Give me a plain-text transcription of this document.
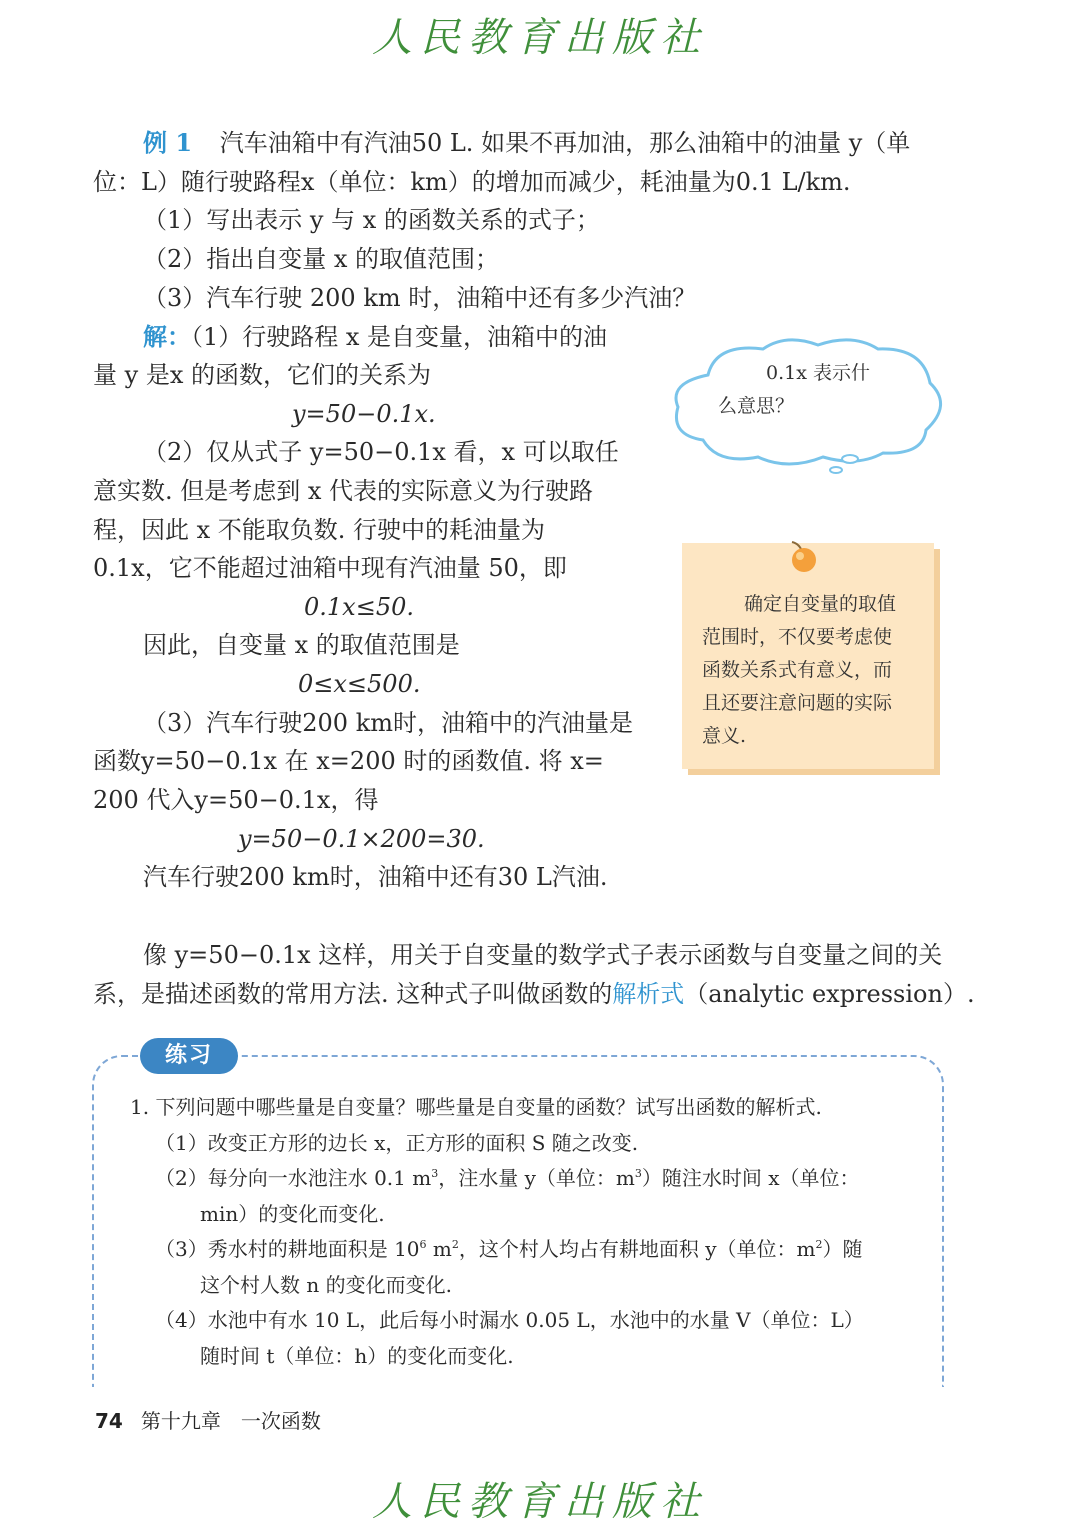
人民教育出版社
例 1 汽车油箱中有汽油50 L. 如果不再加油，那么油箱中的油量 y（单
位：L）随行驶路程x（单位：km）的增加而减少，耗油量为0.1 L/km.
（1）写出表示 y 与 x 的函数关系的式子；
（2）指出自变量 x 的取值范围；
（3）汽车行驶 200 km 时，油箱中还有多少汽油？
解：（1）行驶路程 x 是自变量，油箱中的油
量 y 是x 的函数，它们的关系为
y=50−0.1x.
（2）仅从式子 y=50−0.1x 看，x 可以取任
意实数. 但是考虑到 x 代表的实际意义为行驶路
程，因此 x 不能取负数. 行驶中的耗油量为
0.1x，它不能超过油箱中现有汽油量 50，即
0.1x≤50.
因此，自变量 x 的取值范围是
0≤x≤500.
（3）汽车行驶200 km时，油箱中的汽油量是
函数y=50−0.1x 在 x=200 时的函数值. 将 x=
200 代入y=50−0.1x，得
y=50−0.1×200=30.
汽车行驶200 km时，油箱中还有30 L汽油.
0.1x 表示什
么意思？
确定自变量的取值
范围时，不仅要考虑使
函数关系式有意义，而
且还要注意问题的实际
意义.
像 y=50−0.1x 这样，用关于自变量的数学式子表示函数与自变量之间的关
系，是描述函数的常用方法. 这种式子叫做函数的解析式（analytic expression）.
练习
1. 下列问题中哪些量是自变量？哪些量是自变量的函数？试写出函数的解析式.
（1）改变正方形的边长 x，正方形的面积 S 随之改变.
（2）每分向一水池注水 0.1 $m^3$，注水量 y（单位：$m^3$）随注水时间 x（单位：
min）的变化而变化.
（3）秀水村的耕地面积是 $10^6$ $m^2$，这个村人均占有耕地面积 y（单位：$m^2$）随
这个村人数 n 的变化而变化.
（4）水池中有水 10 L，此后每小时漏水 0.05 L，水池中的水量 V（单位：L）
随时间 t（单位：h）的变化而变化.
74 第十九章　一次函数
人民教育出版社
